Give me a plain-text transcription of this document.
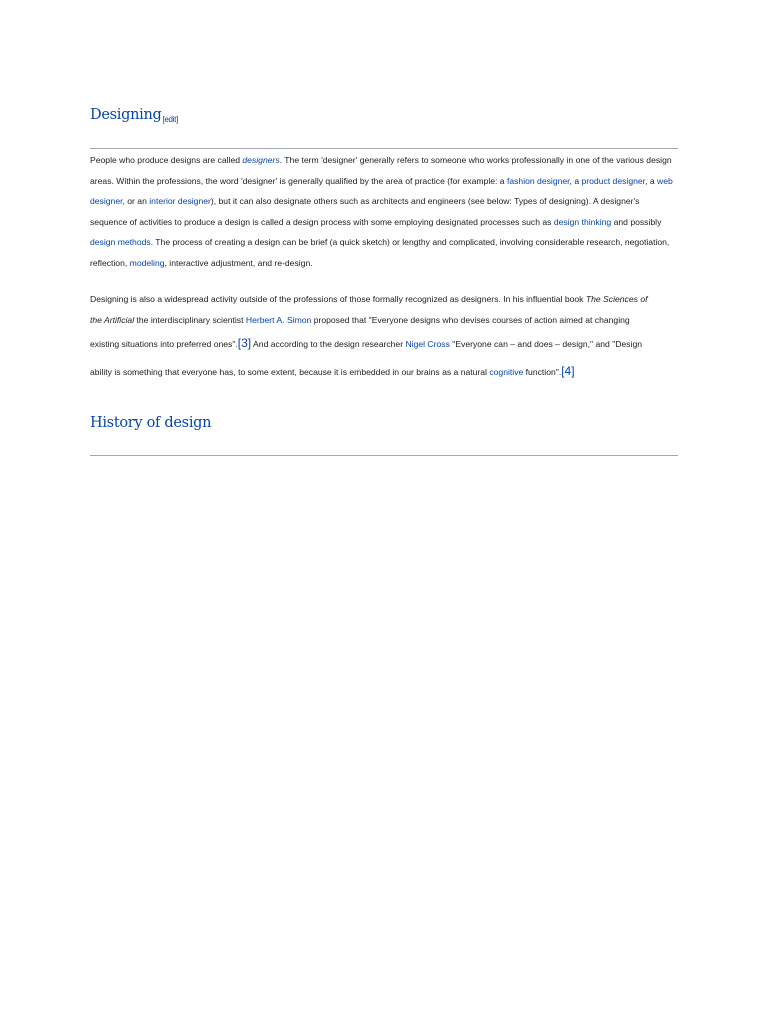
Designing$_{[edit]}$

People who produce designs are called designers. The term 'designer' generally refers to someone who works professionally in one of the various design areas. Within the professions, the word 'designer' is generally qualified by the area of practice (for example: a fashion designer, a product designer, a web designer, or an interior designer), but it can also designate others such as architects and engineers (see below: Types of designing). A designer's sequence of activities to produce a design is called a design process with some employing designated processes such as design thinking and possibly design methods. The process of creating a design can be brief (a quick sketch) or lengthy and complicated, involving considerable research, negotiation, reflection, modeling, interactive adjustment, and re-design.

Designing is also a widespread activity outside of the professions of those formally recognized as designers. In his influential book The Sciences of
the Artificial the interdisciplinary scientist Herbert A. Simon proposed that "Everyone designs who devises courses of action aimed at changing
existing situations into preferred ones".[3] And according to the design researcher Nigel Cross "Everyone can – and does – design," and "Design
ability is something that everyone has, to some extent, because it is embedded in our brains as a natural cognitive function".[4]

History of design
